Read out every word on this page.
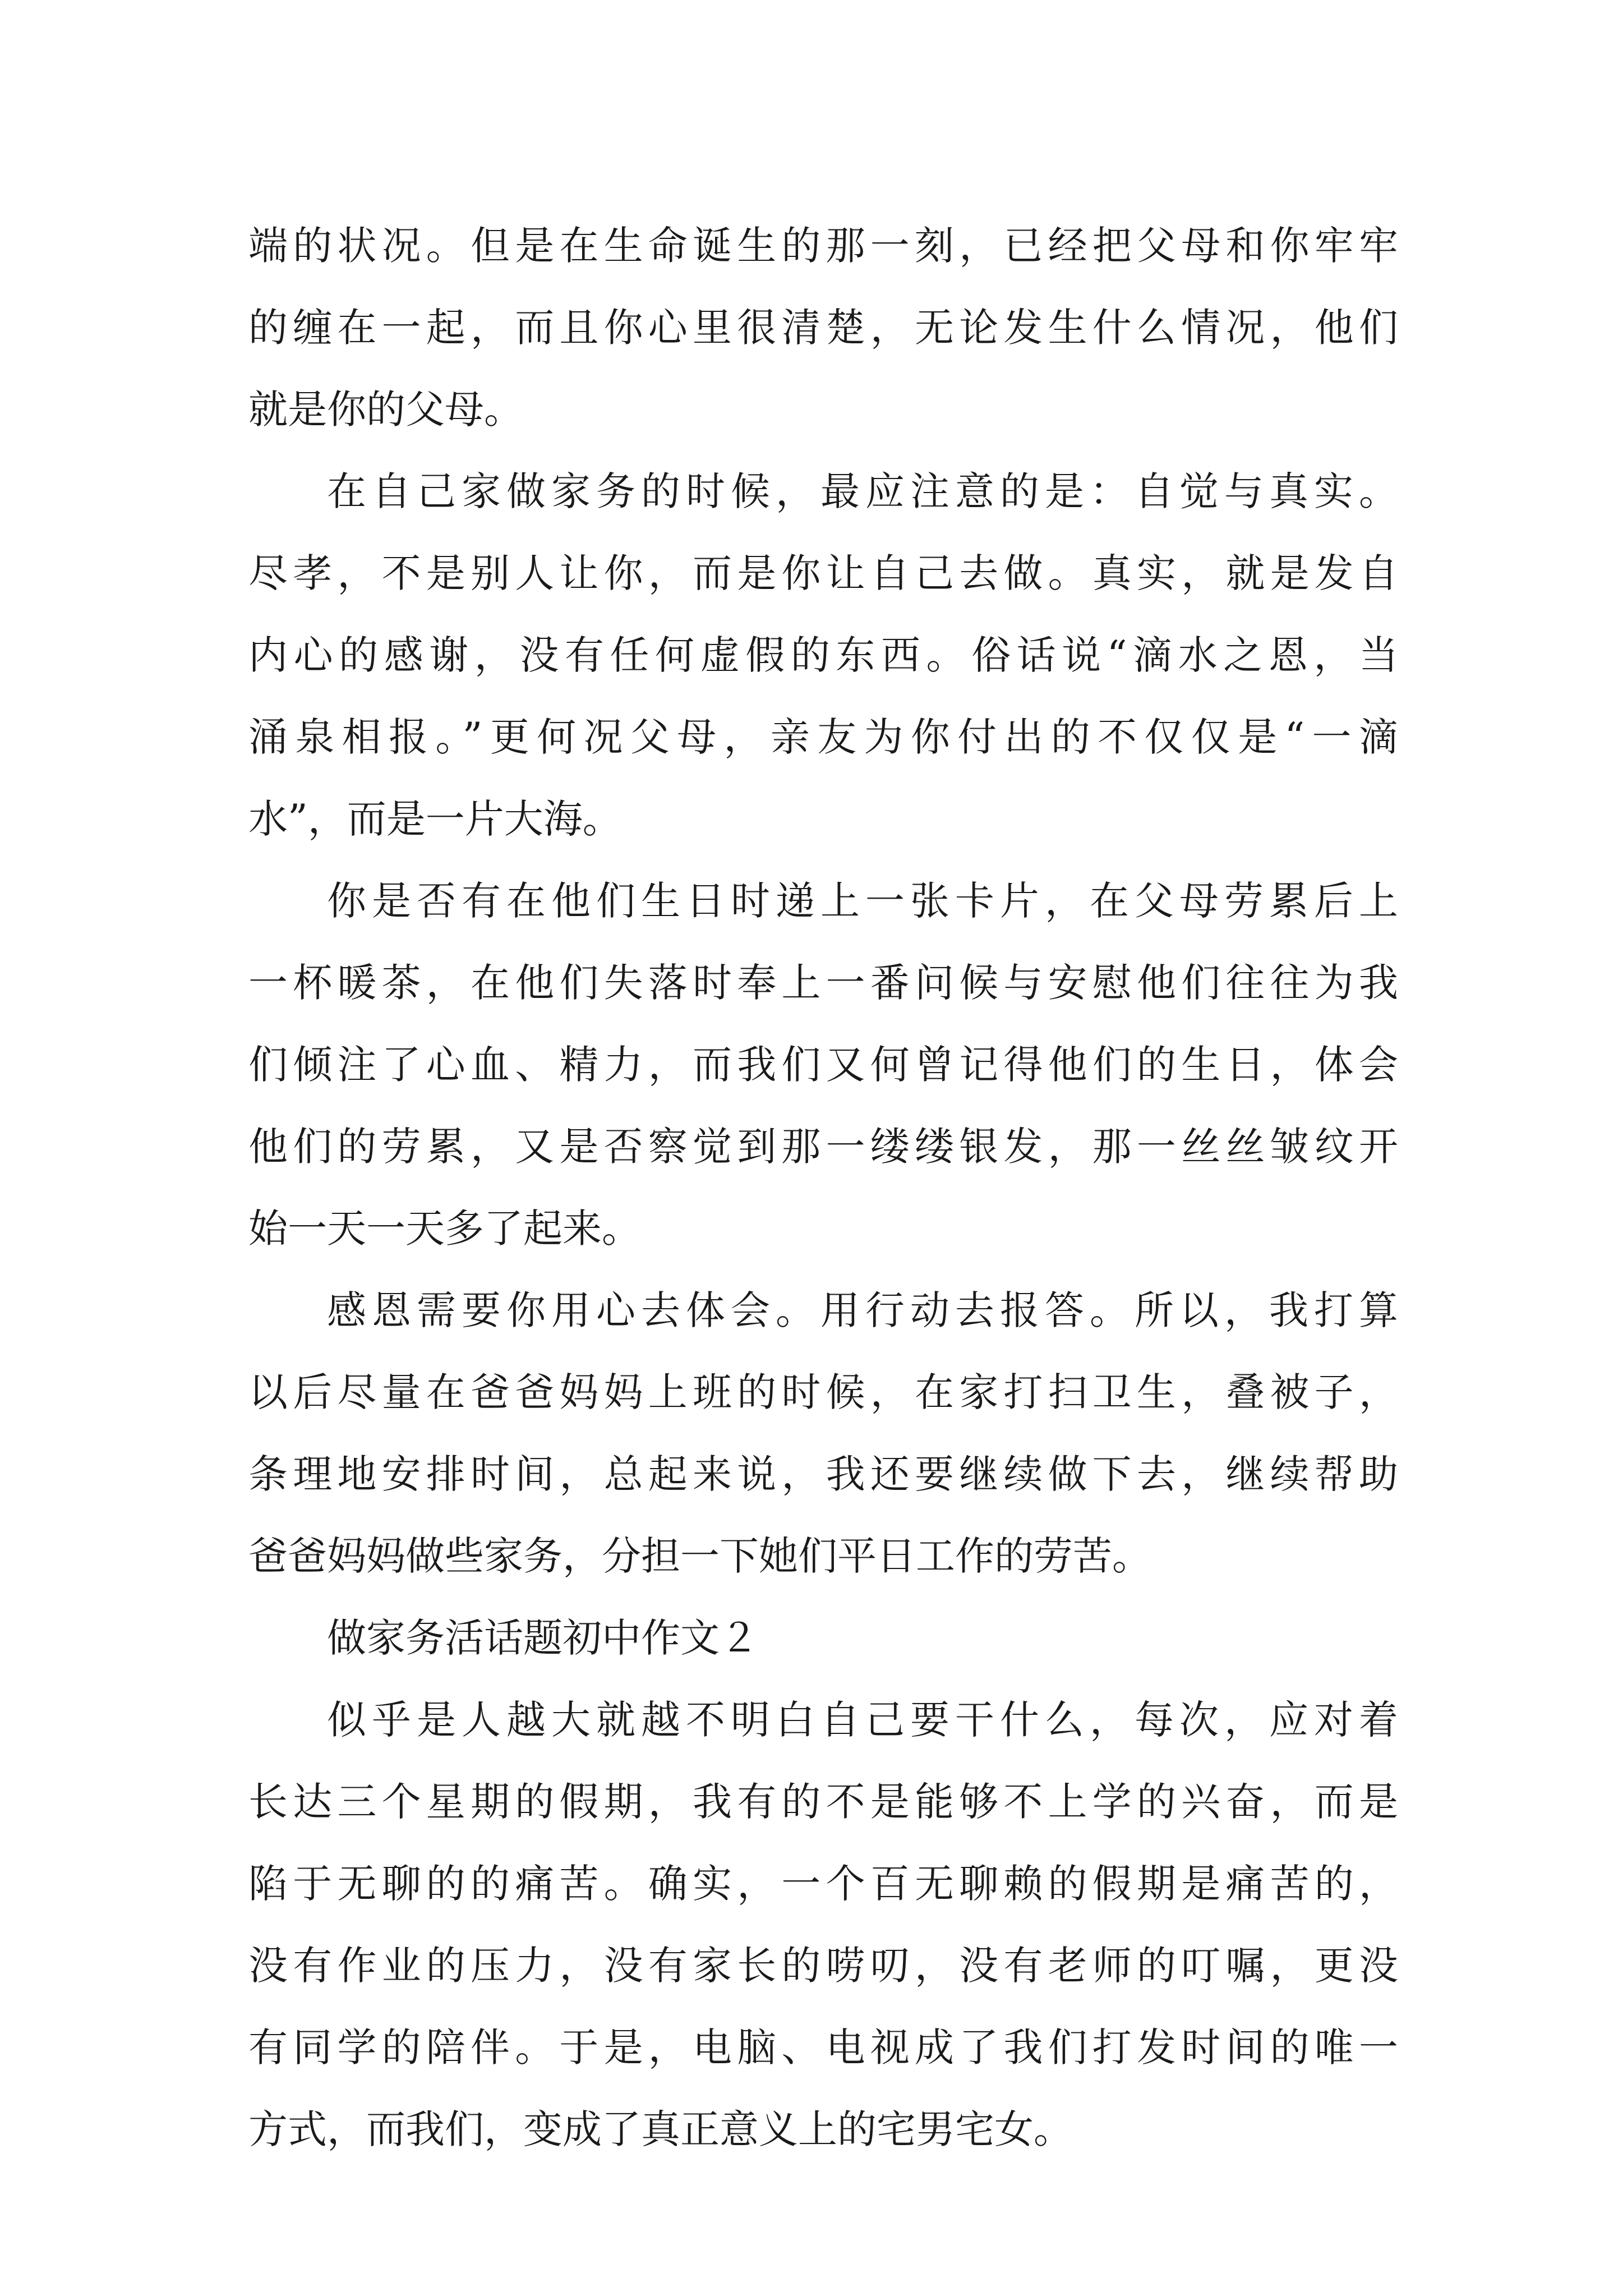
端的状况。但是在生命诞生的那一刻，已经把父母和你牢牢
的缠在一起，而且你心里很清楚，无论发生什么情况，他们
就是你的父母。
在自己家做家务的时候，最应注意的是：自觉与真实。
尽孝，不是别人让你，而是你让自己去做。真实，就是发自
内心的感谢，没有任何虚假的东西。俗话说“滴水之恩，当
涌泉相报。”更何况父母，亲友为你付出的不仅仅是“一滴
水”，而是一片大海。
你是否有在他们生日时递上一张卡片，在父母劳累后上
一杯暖茶，在他们失落时奉上一番问候与安慰他们往往为我
们倾注了心血、精力，而我们又何曾记得他们的生日，体会
他们的劳累，又是否察觉到那一缕缕银发，那一丝丝皱纹开
始一天一天多了起来。
感恩需要你用心去体会。用行动去报答。所以，我打算
以后尽量在爸爸妈妈上班的时候，在家打扫卫生，叠被子，
条理地安排时间，总起来说，我还要继续做下去，继续帮助
爸爸妈妈做些家务，分担一下她们平日工作的劳苦。
做家务活话题初中作文２
似乎是人越大就越不明白自己要干什么，每次，应对着
长达三个星期的假期，我有的不是能够不上学的兴奋，而是
陷于无聊的的痛苦。确实，一个百无聊赖的假期是痛苦的，
没有作业的压力，没有家长的唠叨，没有老师的叮嘱，更没
有同学的陪伴。于是，电脑、电视成了我们打发时间的唯一
方式，而我们，变成了真正意义上的宅男宅女。
